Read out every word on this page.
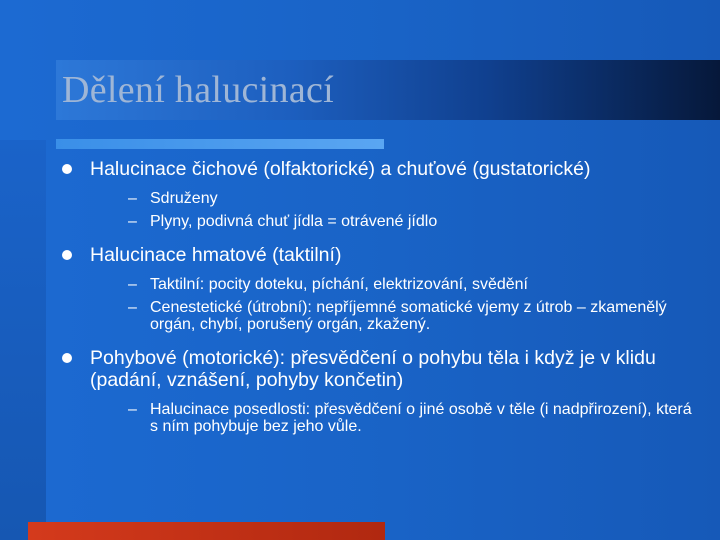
Dělení halucinací
Halucinace čichové (olfaktorické) a chuťové (gustatorické)
– Sdruženy
– Plyny, podivná chuť jídla = otrávené jídlo
Halucinace hmatové (taktilní)
– Taktilní: pocity doteku, píchání, elektrizování, svědění
– Cenestetické (útrobní): nepříjemné somatické vjemy z útrob – zkamenělý orgán, chybí, porušený orgán, zkažený.
Pohybové (motorické): přesvědčení o pohybu těla i když je v klidu (padání, vznášení, pohyby končetin)
– Halucinace posedlosti: přesvědčení o jiné osobě v těle (i nadpřirození), která s ním pohybuje bez jeho vůle.
